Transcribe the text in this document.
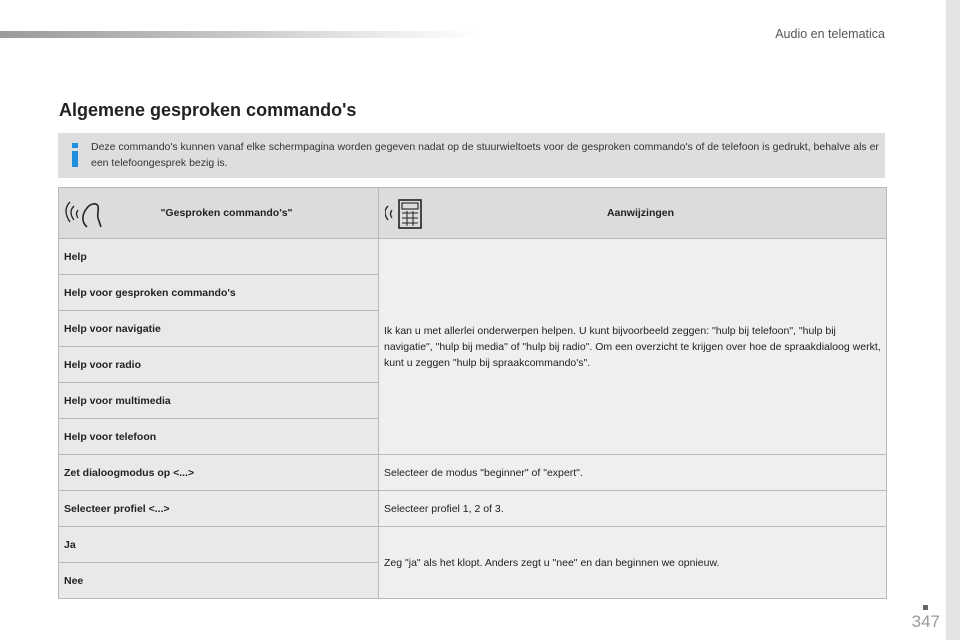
Audio en telematica
Algemene gesproken commando's
Deze commando's kunnen vanaf elke schermpagina worden gegeven nadat op de stuurwieltoets voor de gesproken commando's of de telefoon is gedrukt, behalve als er een telefoongesprek bezig is.
"Gesproken commando's"	Aanwijzingen

Help	Ik kan u met allerlei onderwerpen helpen. U kunt bijvoorbeeld zeggen: "hulp bij telefoon", "hulp bij navigatie", "hulp bij media" of "hulp bij radio". Om een overzicht te krijgen over hoe de spraakdialoog werkt, kunt u zeggen "hulp bij spraakcommando's".
Help voor gesproken commando's	
Help voor navigatie	
Help voor radio	
Help voor multimedia	
Help voor telefoon	
Zet dialoogmodus op <...>	Selecteer de modus "beginner" of "expert".
Selecteer profiel <...>	Selecteer profiel 1, 2 of 3.
Ja	Zeg "ja" als het klopt. Anders zegt u "nee" en dan beginnen we opnieuw.
Nee	
347
